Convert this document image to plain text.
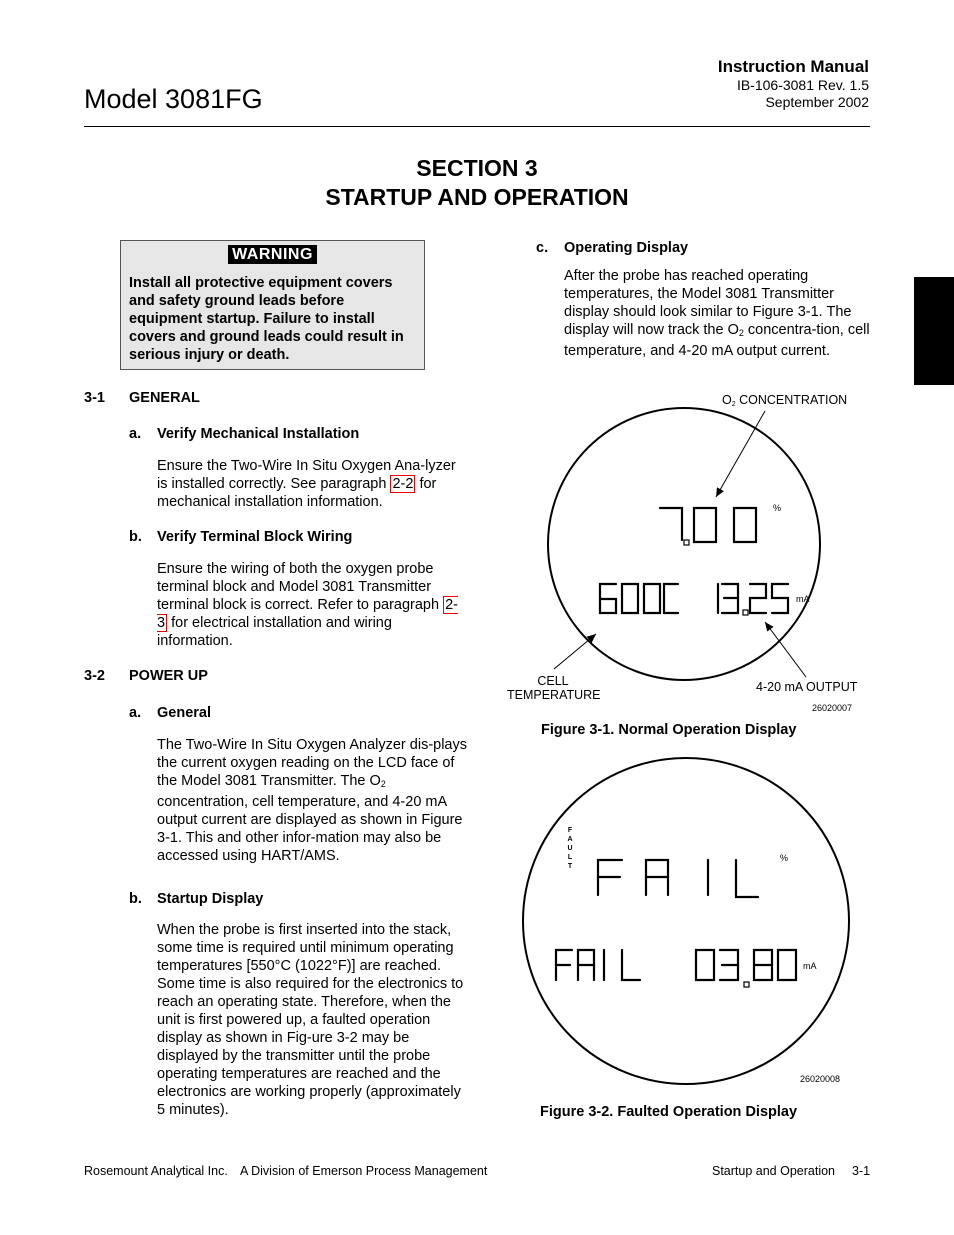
Model 3081FG
Instruction Manual
IB-106-3081 Rev. 1.5
September 2002
SECTION 3
STARTUP AND OPERATION
WARNING
Install all protective equipment covers and safety ground leads before equipment startup. Failure to install covers and ground leads could result in serious injury or death.
3-1 GENERAL
a. Verify Mechanical Installation
Ensure the Two-Wire In Situ Oxygen Ana-lyzer is installed correctly. See paragraph 2-2 for mechanical installation information.
b. Verify Terminal Block Wiring
Ensure the wiring of both the oxygen probe terminal block and Model 3081 Transmitter terminal block is correct. Refer to paragraph 2-3 for electrical installation and wiring information.
3-2 POWER UP
a. General
The Two-Wire In Situ Oxygen Analyzer dis-plays the current oxygen reading on the LCD face of the Model 3081 Transmitter. The $O_2$ concentration, cell temperature, and 4-20 mA output current are displayed as shown in Figure 3-1. This and other infor-mation may also be accessed using HART/AMS.
b. Startup Display
When the probe is first inserted into the stack, some time is required until minimum operating temperatures [550°C (1022°F)] are reached. Some time is also required for the electronics to reach an operating state. Therefore, when the unit is first powered up, a faulted operation display as shown in Fig-ure 3-2 may be displayed by the transmitter until the probe operating temperatures are reached and the electronics are working properly (approximately 5 minutes).
c. Operating Display
After the probe has reached operating temperatures, the Model 3081 Transmitter display should look similar to Figure 3-1. The display will now track the $O_2$ concentra-tion, cell temperature, and 4-20 mA output current.
O2 CONCENTRATION
%
mA
CELL
TEMPERATURE
4-20 mA OUTPUT
26020007
Figure 3-1. Normal Operation Display
F
A
U
L
T
%
mA
26020008
Figure 3-2. Faulted Operation Display
Rosemount Analytical Inc. A Division of Emerson Process Management	Startup and Operation 3-1
